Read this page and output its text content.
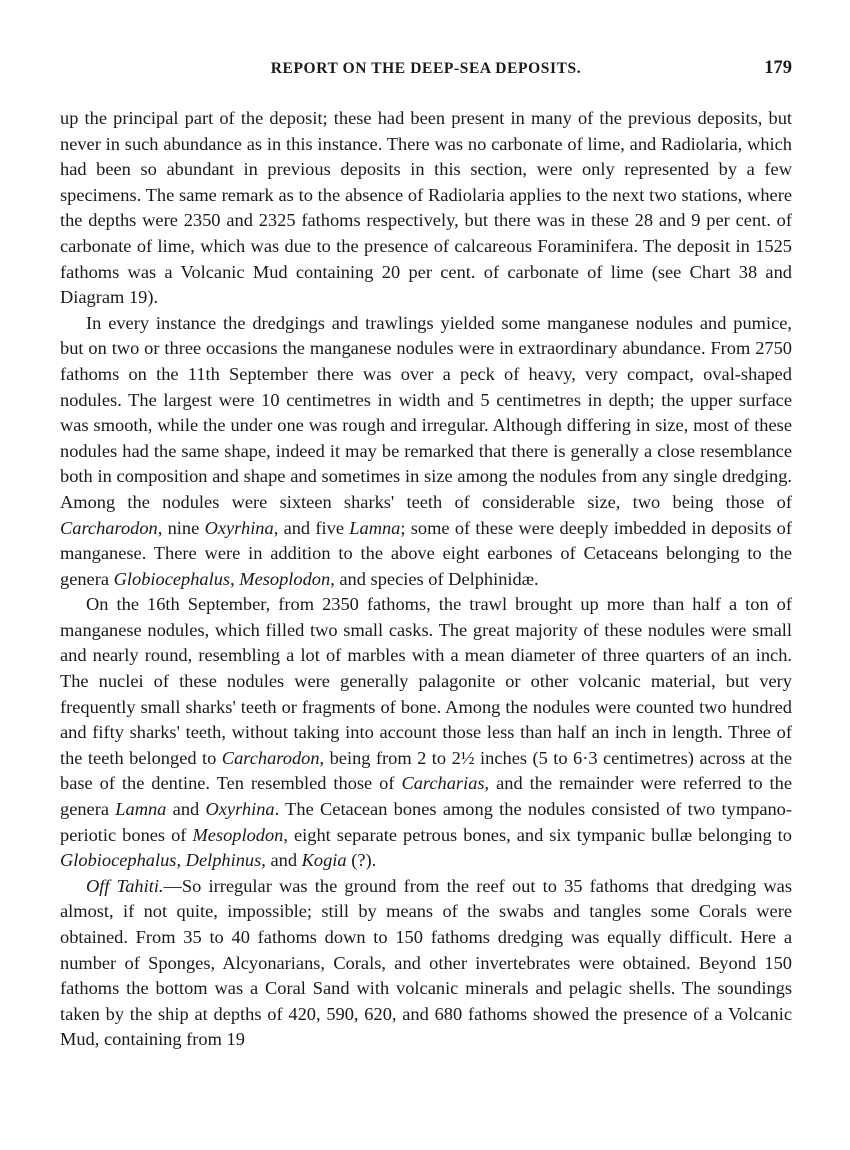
REPORT ON THE DEEP-SEA DEPOSITS.	179

up the principal part of the deposit; these had been present in many of the previous deposits, but never in such abundance as in this instance. There was no carbonate of lime, and Radiolaria, which had been so abundant in previous deposits in this section, were only represented by a few specimens. The same remark as to the absence of Radiolaria applies to the next two stations, where the depths were 2350 and 2325 fathoms respectively, but there was in these 28 and 9 per cent. of carbonate of lime, which was due to the presence of calcareous Foraminifera. The deposit in 1525 fathoms was a Volcanic Mud containing 20 per cent. of carbonate of lime (see Chart 38 and Diagram 19).

In every instance the dredgings and trawlings yielded some manganese nodules and pumice, but on two or three occasions the manganese nodules were in extraordinary abundance. From 2750 fathoms on the 11th September there was over a peck of heavy, very compact, oval-shaped nodules. The largest were 10 centimetres in width and 5 centimetres in depth; the upper surface was smooth, while the under one was rough and irregular. Although differing in size, most of these nodules had the same shape, indeed it may be remarked that there is generally a close resemblance both in composition and shape and sometimes in size among the nodules from any single dredging. Among the nodules were sixteen sharks' teeth of considerable size, two being those of Carcharodon, nine Oxyrhina, and five Lamna; some of these were deeply imbedded in deposits of manganese. There were in addition to the above eight earbones of Cetaceans belonging to the genera Globiocephalus, Mesoplodon, and species of Delphinidæ.

On the 16th September, from 2350 fathoms, the trawl brought up more than half a ton of manganese nodules, which filled two small casks. The great majority of these nodules were small and nearly round, resembling a lot of marbles with a mean diameter of three quarters of an inch. The nuclei of these nodules were generally palagonite or other volcanic material, but very frequently small sharks' teeth or fragments of bone. Among the nodules were counted two hundred and fifty sharks' teeth, without taking into account those less than half an inch in length. Three of the teeth belonged to Carcharodon, being from 2 to 2½ inches (5 to 6·3 centimetres) across at the base of the dentine. Ten resembled those of Carcharias, and the remainder were referred to the genera Lamna and Oxyrhina. The Cetacean bones among the nodules consisted of two tympano-periotic bones of Mesoplodon, eight separate petrous bones, and six tympanic bullæ belonging to Globiocephalus, Delphinus, and Kogia (?).

Off Tahiti.—So irregular was the ground from the reef out to 35 fathoms that dredging was almost, if not quite, impossible; still by means of the swabs and tangles some Corals were obtained. From 35 to 40 fathoms down to 150 fathoms dredging was equally difficult. Here a number of Sponges, Alcyonarians, Corals, and other invertebrates were obtained. Beyond 150 fathoms the bottom was a Coral Sand with volcanic minerals and pelagic shells. The soundings taken by the ship at depths of 420, 590, 620, and 680 fathoms showed the presence of a Volcanic Mud, containing from 19
